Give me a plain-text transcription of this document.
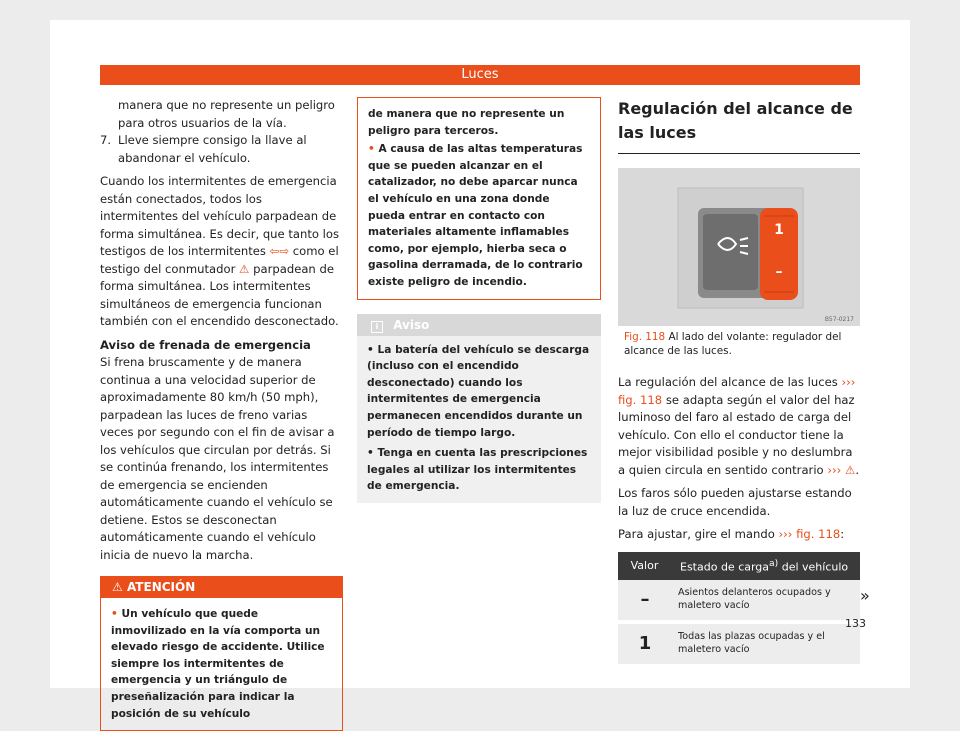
Luces

manera que no represente un peligro para otros usuarios de la vía.

7. Lleve siempre consigo la llave al abandonar el vehículo.

Cuando los intermitentes de emergencia están conectados, todos los intermitentes del vehículo parpadean de forma simultánea. Es decir, que tanto los testigos de los intermitentes ⇦⇨ como el testigo del conmutador ⚠ parpadean de forma simultánea. Los intermitentes simultáneos de emergencia funcionan también con el encendido desconectado.

Aviso de frenada de emergencia

Si frena bruscamente y de manera continua a una velocidad superior de aproximadamente 80 km/h (50 mph), parpadean las luces de freno varias veces por segundo con el fin de avisar a los vehículos que circulan por detrás. Si se continúa frenando, los intermitentes de emergencia se encienden automáticamente cuando el vehículo se detiene. Estos se desconectan automáticamente cuando el vehículo inicia de nuevo la marcha.

⚠ ATENCIÓN
• Un vehículo que quede inmovilizado en la vía comporta un elevado riesgo de accidente. Utilice siempre los intermitentes de emergencia y un triángulo de preseñalización para indicar la posición de su vehículo

de manera que no represente un peligro para terceros.

• A causa de las altas temperaturas que se pueden alcanzar en el catalizador, no debe aparcar nunca el vehículo en una zona donde pueda entrar en contacto con materiales altamente inflamables como, por ejemplo, hierba seca o gasolina derramada, de lo contrario existe peligro de incendio.

i Aviso

• La batería del vehículo se descarga (incluso con el encendido desconectado) cuando los intermitentes de emergencia permanecen encendidos durante un período de tiempo largo.

• Tenga en cuenta las prescripciones legales al utilizar los intermitentes de emergencia.

Regulación del alcance de las luces

1
–
B57-0217

Fig. 118 Al lado del volante: regulador del alcance de las luces.

La regulación del alcance de las luces ››› fig. 118 se adapta según el valor del haz luminoso del faro al estado de carga del vehículo. Con ello el conductor tiene la mejor visibilidad posible y no deslumbra a quien circula en sentido contrario ››› ⚠.

Los faros sólo pueden ajustarse estando la luz de cruce encendida.

Para ajustar, gire el mando ››› fig. 118:

Valor	Estado de carga$^{a)}$ del vehículo
–	Asientos delanteros ocupados y maletero vacío
1	Todas las plazas ocupadas y el maletero vacío
»
133
